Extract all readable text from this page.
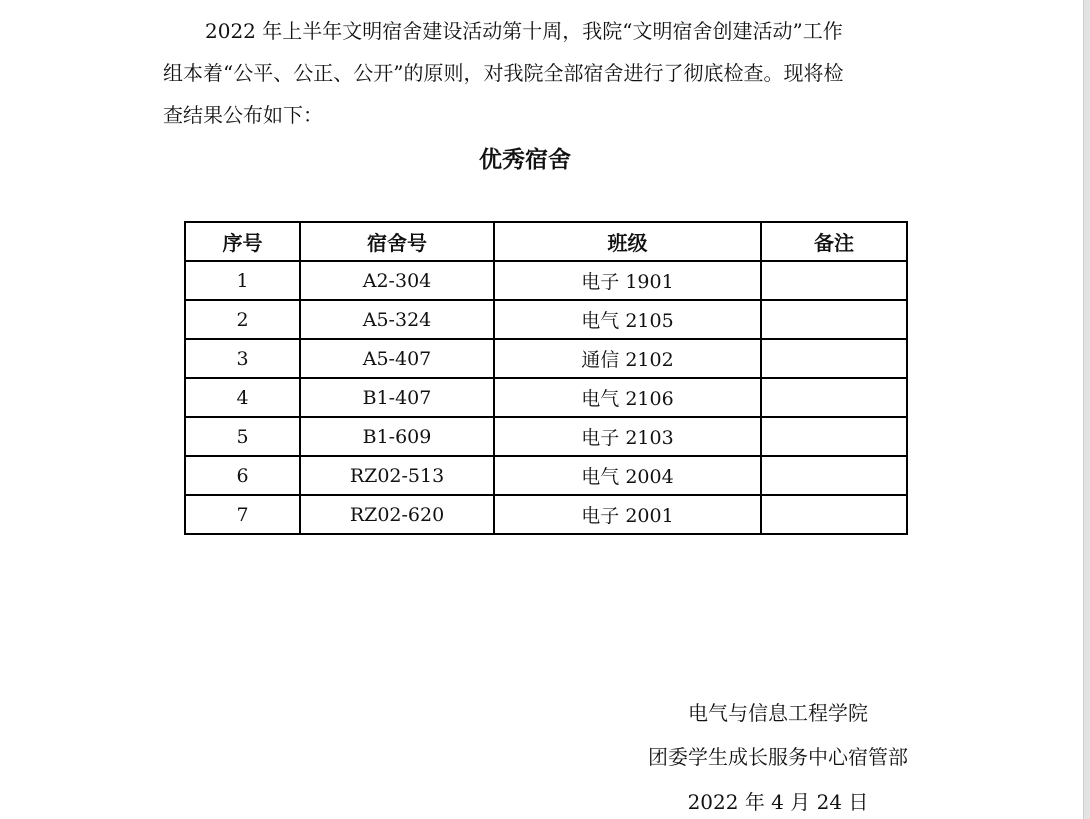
2022 年上半年文明宿舍建设活动第十周，我院“文明宿舍创建活动”工作
组本着“公平、公正、公开”的原则，对我院全部宿舍进行了彻底检查。现将检
查结果公布如下：

优秀宿舍
序号	宿舍号	班级	备注
1	A2-304	电子 1901	
2	A5-324	电气 2105	
3	A5-407	通信 2102	
4	B1-407	电气 2106	
5	B1-609	电子 2103	
6	RZ02-513	电气 2004	
7	RZ02-620	电子 2001	
电气与信息工程学院
团委学生成长服务中心宿管部
2022 年 4 月 24 日
